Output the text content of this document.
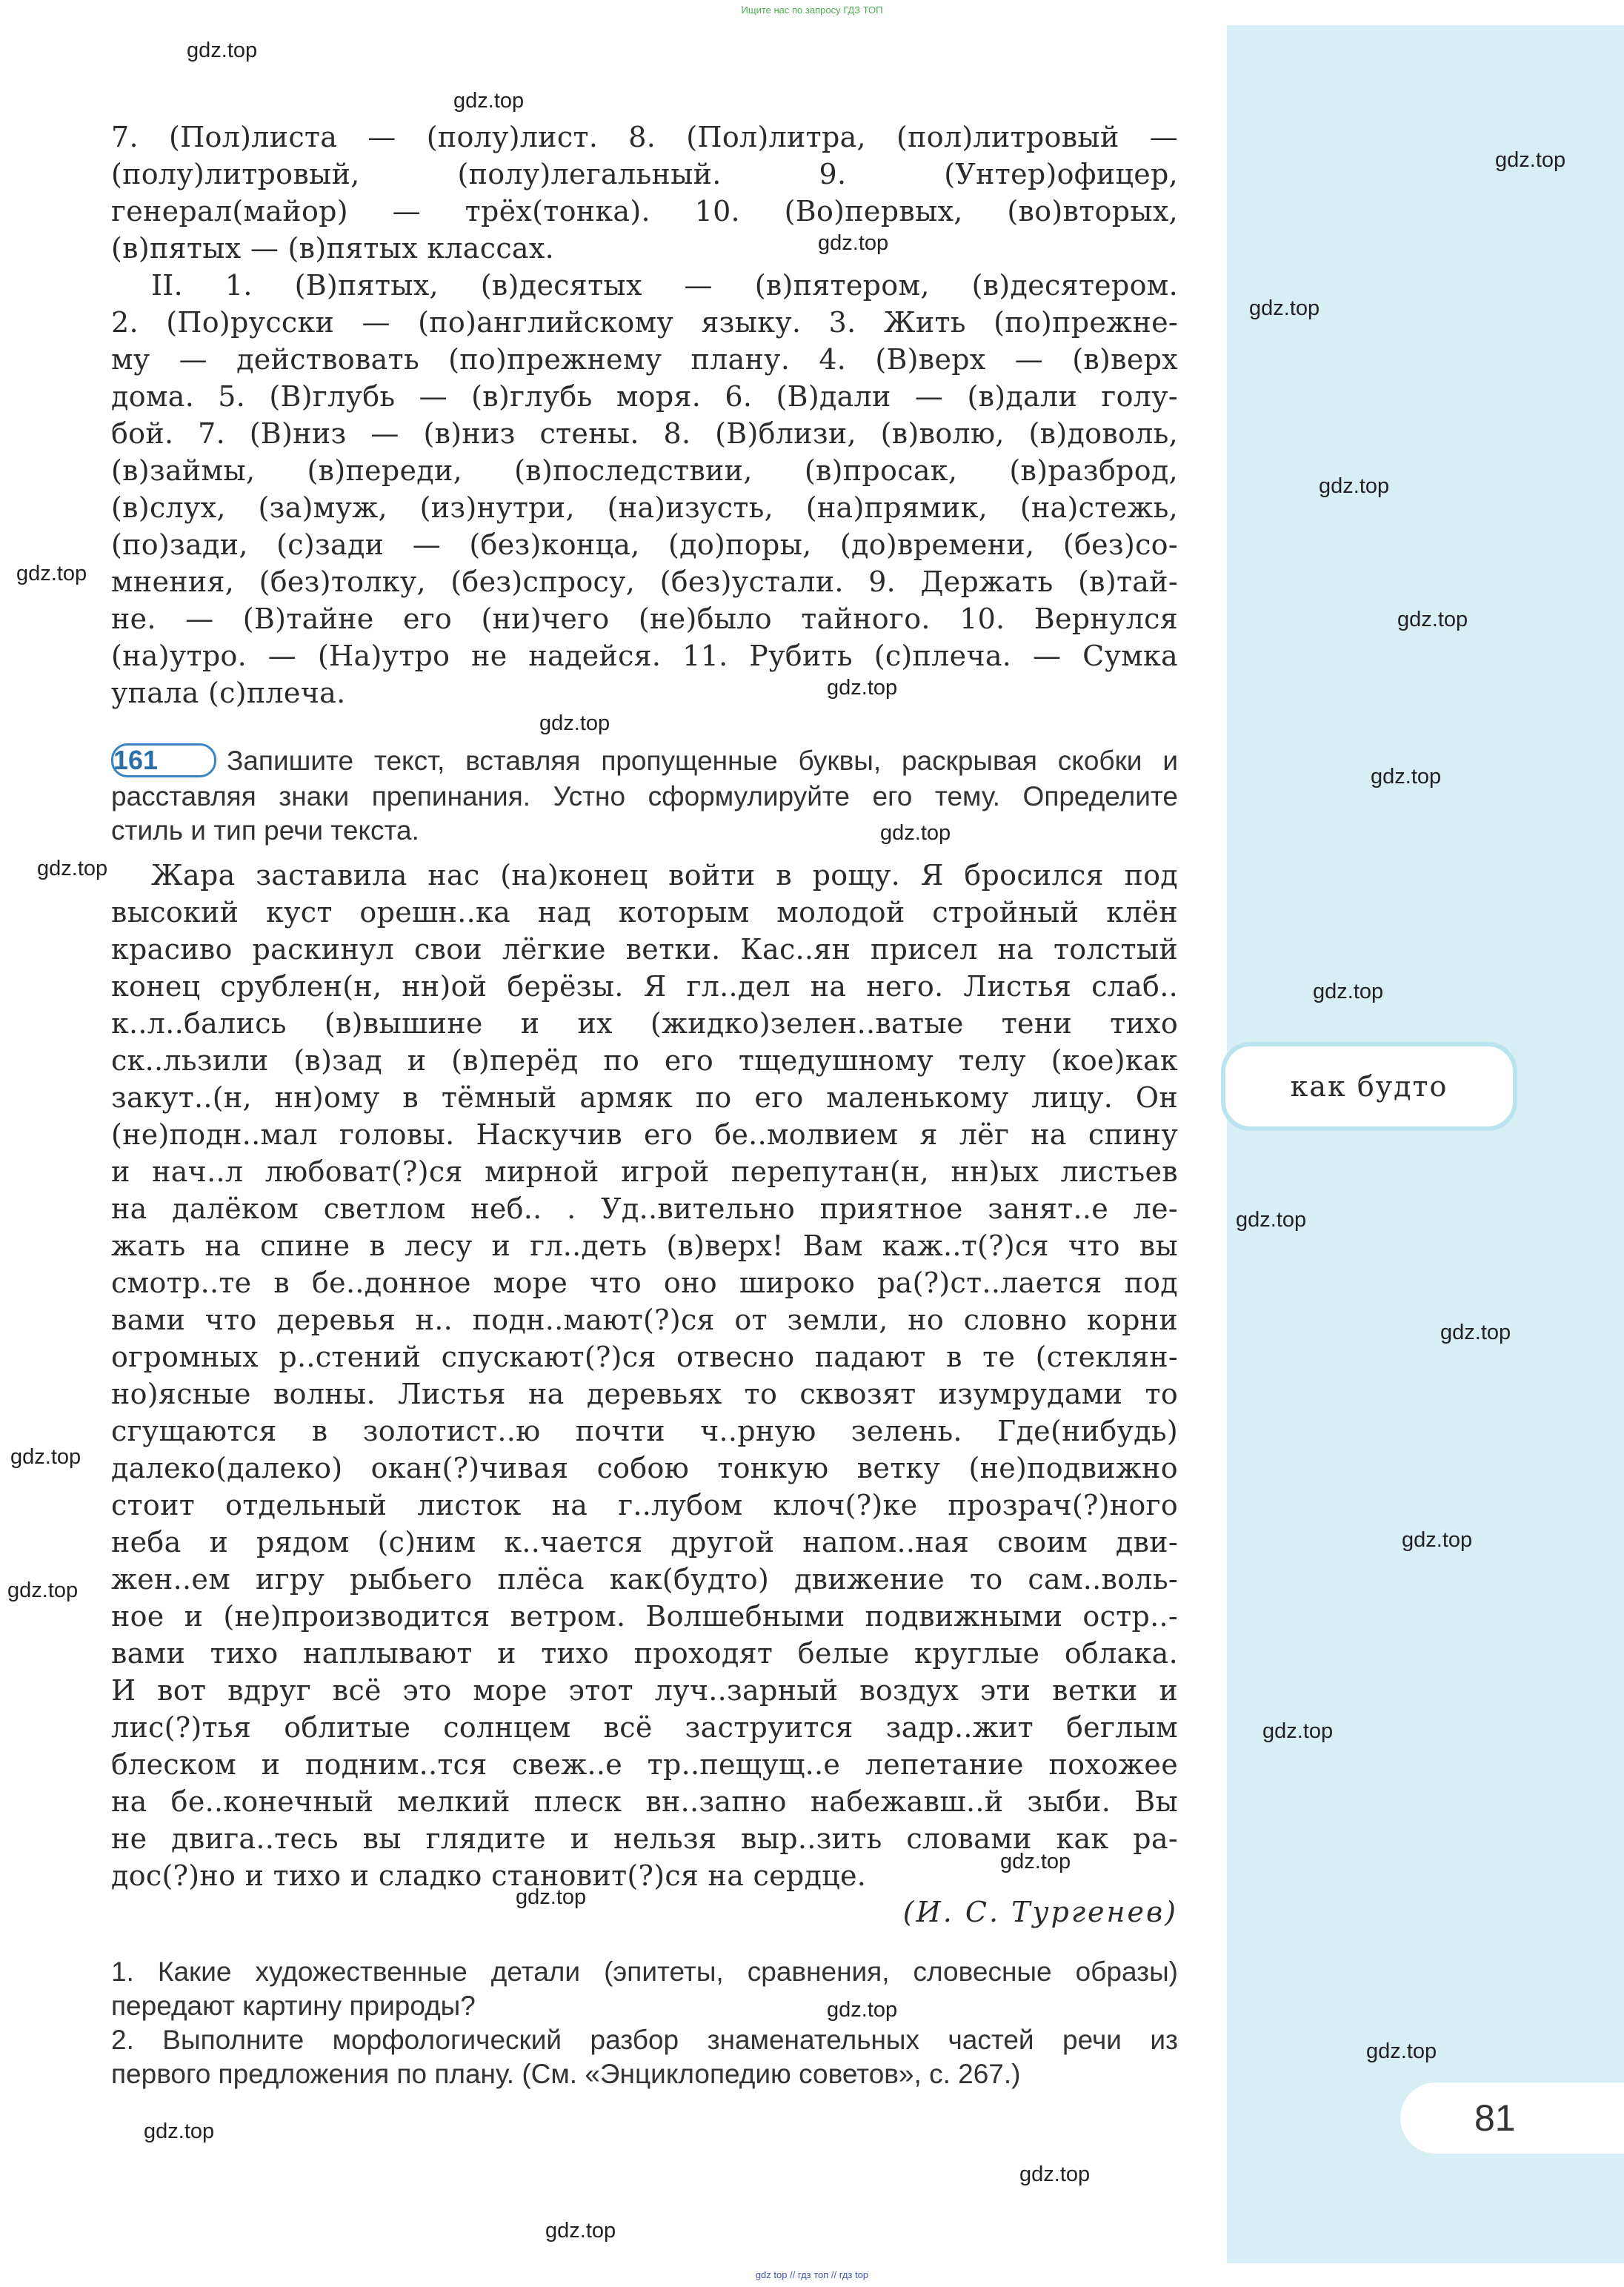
Ищите нас по запросу ГДЗ ТОП
gdz.top
gdz.top
gdz.top
gdz.top
gdz.top
gdz.top
gdz.top
gdz.top
gdz.top
gdz.top
gdz.top
gdz.top
gdz.top
gdz.top
gdz.top
gdz.top
gdz.top
gdz.top
gdz.top
gdz.top
gdz.top
gdz.top
gdz.top
gdz.top
gdz.top
gdz.top
gdz.top
7. (Пол)листа — (полу)лист. 8. (Пол)литра, (пол)литровый —
(полу)литровый, (полу)легальный. 9. (Унтер)офицер,
генерал(майор) — трёх(тонка). 10. (Во)первых, (во)вторых,
(в)пятых — (в)пятых классах.
II. 1. (В)пятых, (в)десятых — (в)пятером, (в)десятером.
2. (По)русски — (по)английскому языку. 3. Жить (по)прежне-
му — действовать (по)прежнему плану. 4. (В)верх — (в)верх
дома. 5. (В)глубь — (в)глубь моря. 6. (В)дали — (в)дали голу-
бой. 7. (В)низ — (в)низ стены. 8. (В)близи, (в)волю, (в)доволь,
(в)займы, (в)переди, (в)последствии, (в)просак, (в)разброд,
(в)слух, (за)муж, (из)нутри, (на)изусть, (на)прямик, (на)стежь,
(по)зади, (с)зади — (без)конца, (до)поры, (до)времени, (без)со-
мнения, (без)толку, (без)спросу, (без)устали. 9. Держать (в)тай-
не. — (В)тайне его (ни)чего (не)было тайного. 10. Вернулся
(на)утро. — (На)утро не надейся. 11. Рубить (с)плеча. — Сумка
упала (с)плеча.
161	Запишите текст, вставляя пропущенные буквы, раскрывая скобки и
расставляя знаки препинания. Устно сформулируйте его тему. Определите
стиль и тип речи текста.
Жара заставила нас (на)конец войти в рощу. Я бросился под
высокий куст орешн..ка над которым молодой стройный клён
красиво раскинул свои лёгкие ветки. Кас..ян присел на толстый
конец срублен(н, нн)ой берёзы. Я гл..дел на него. Листья слаб..
к..л..бались (в)вышине и их (жидко)зелен..ватые тени тихо
ск..льзили (в)зад и (в)перёд по его тщедушному телу (кое)как
закут..(н, нн)ому в тёмный армяк по его маленькому лицу. Он
(не)подн..мал головы. Наскучив его бе..молвием я лёг на спину
и нач..л любоват(?)ся мирной игрой перепутан(н, нн)ых листьев
на далёком светлом неб.. . Уд..вительно приятное занят..е ле-
жать на спине в лесу и гл..деть (в)верх! Вам каж..т(?)ся что вы
смотр..те в бе..донное море что оно широко ра(?)ст..лается под
вами что деревья н.. подн..мают(?)ся от земли, но словно корни
огромных р..стений спускают(?)ся отвесно падают в те (стеклян-
но)ясные волны. Листья на деревьях то сквозят изумрудами то
сгущаются в золотист..ю почти ч..рную зелень. Где(нибудь)
далеко(далеко) окан(?)чивая собою тонкую ветку (не)подвижно
стоит отдельный листок на г..лубом клоч(?)ке прозрач(?)ного
неба и рядом (с)ним к..чается другой напом..ная своим дви-
жен..ем игру рыбьего плёса как(будто) движение то сам..воль-
ное и (не)производится ветром. Волшебными подвижными остр..-
вами тихо наплывают и тихо проходят белые круглые облака.
И вот вдруг всё это море этот луч..зарный воздух эти ветки и
лис(?)тья облитые солнцем всё заструится задр..жит беглым
блеском и подним..тся свеж..е тр..пещущ..е лепетание похожее
на бе..конечный мелкий плеск вн..запно набежавш..й зыби. Вы
не двига..тесь вы глядите и нельзя выр..зить словами как ра-
дос(?)но и тихо и сладко становит(?)ся на сердце.
(И. С. Тургенев)
1. Какие художественные детали (эпитеты, сравнения, словесные образы)
передают картину природы?
2. Выполните морфологический разбор знаменательных частей речи из
первого предложения по плану. (См. «Энциклопедию советов», с. 267.)
как будто
81
gdz top // гдз топ // гдз top
